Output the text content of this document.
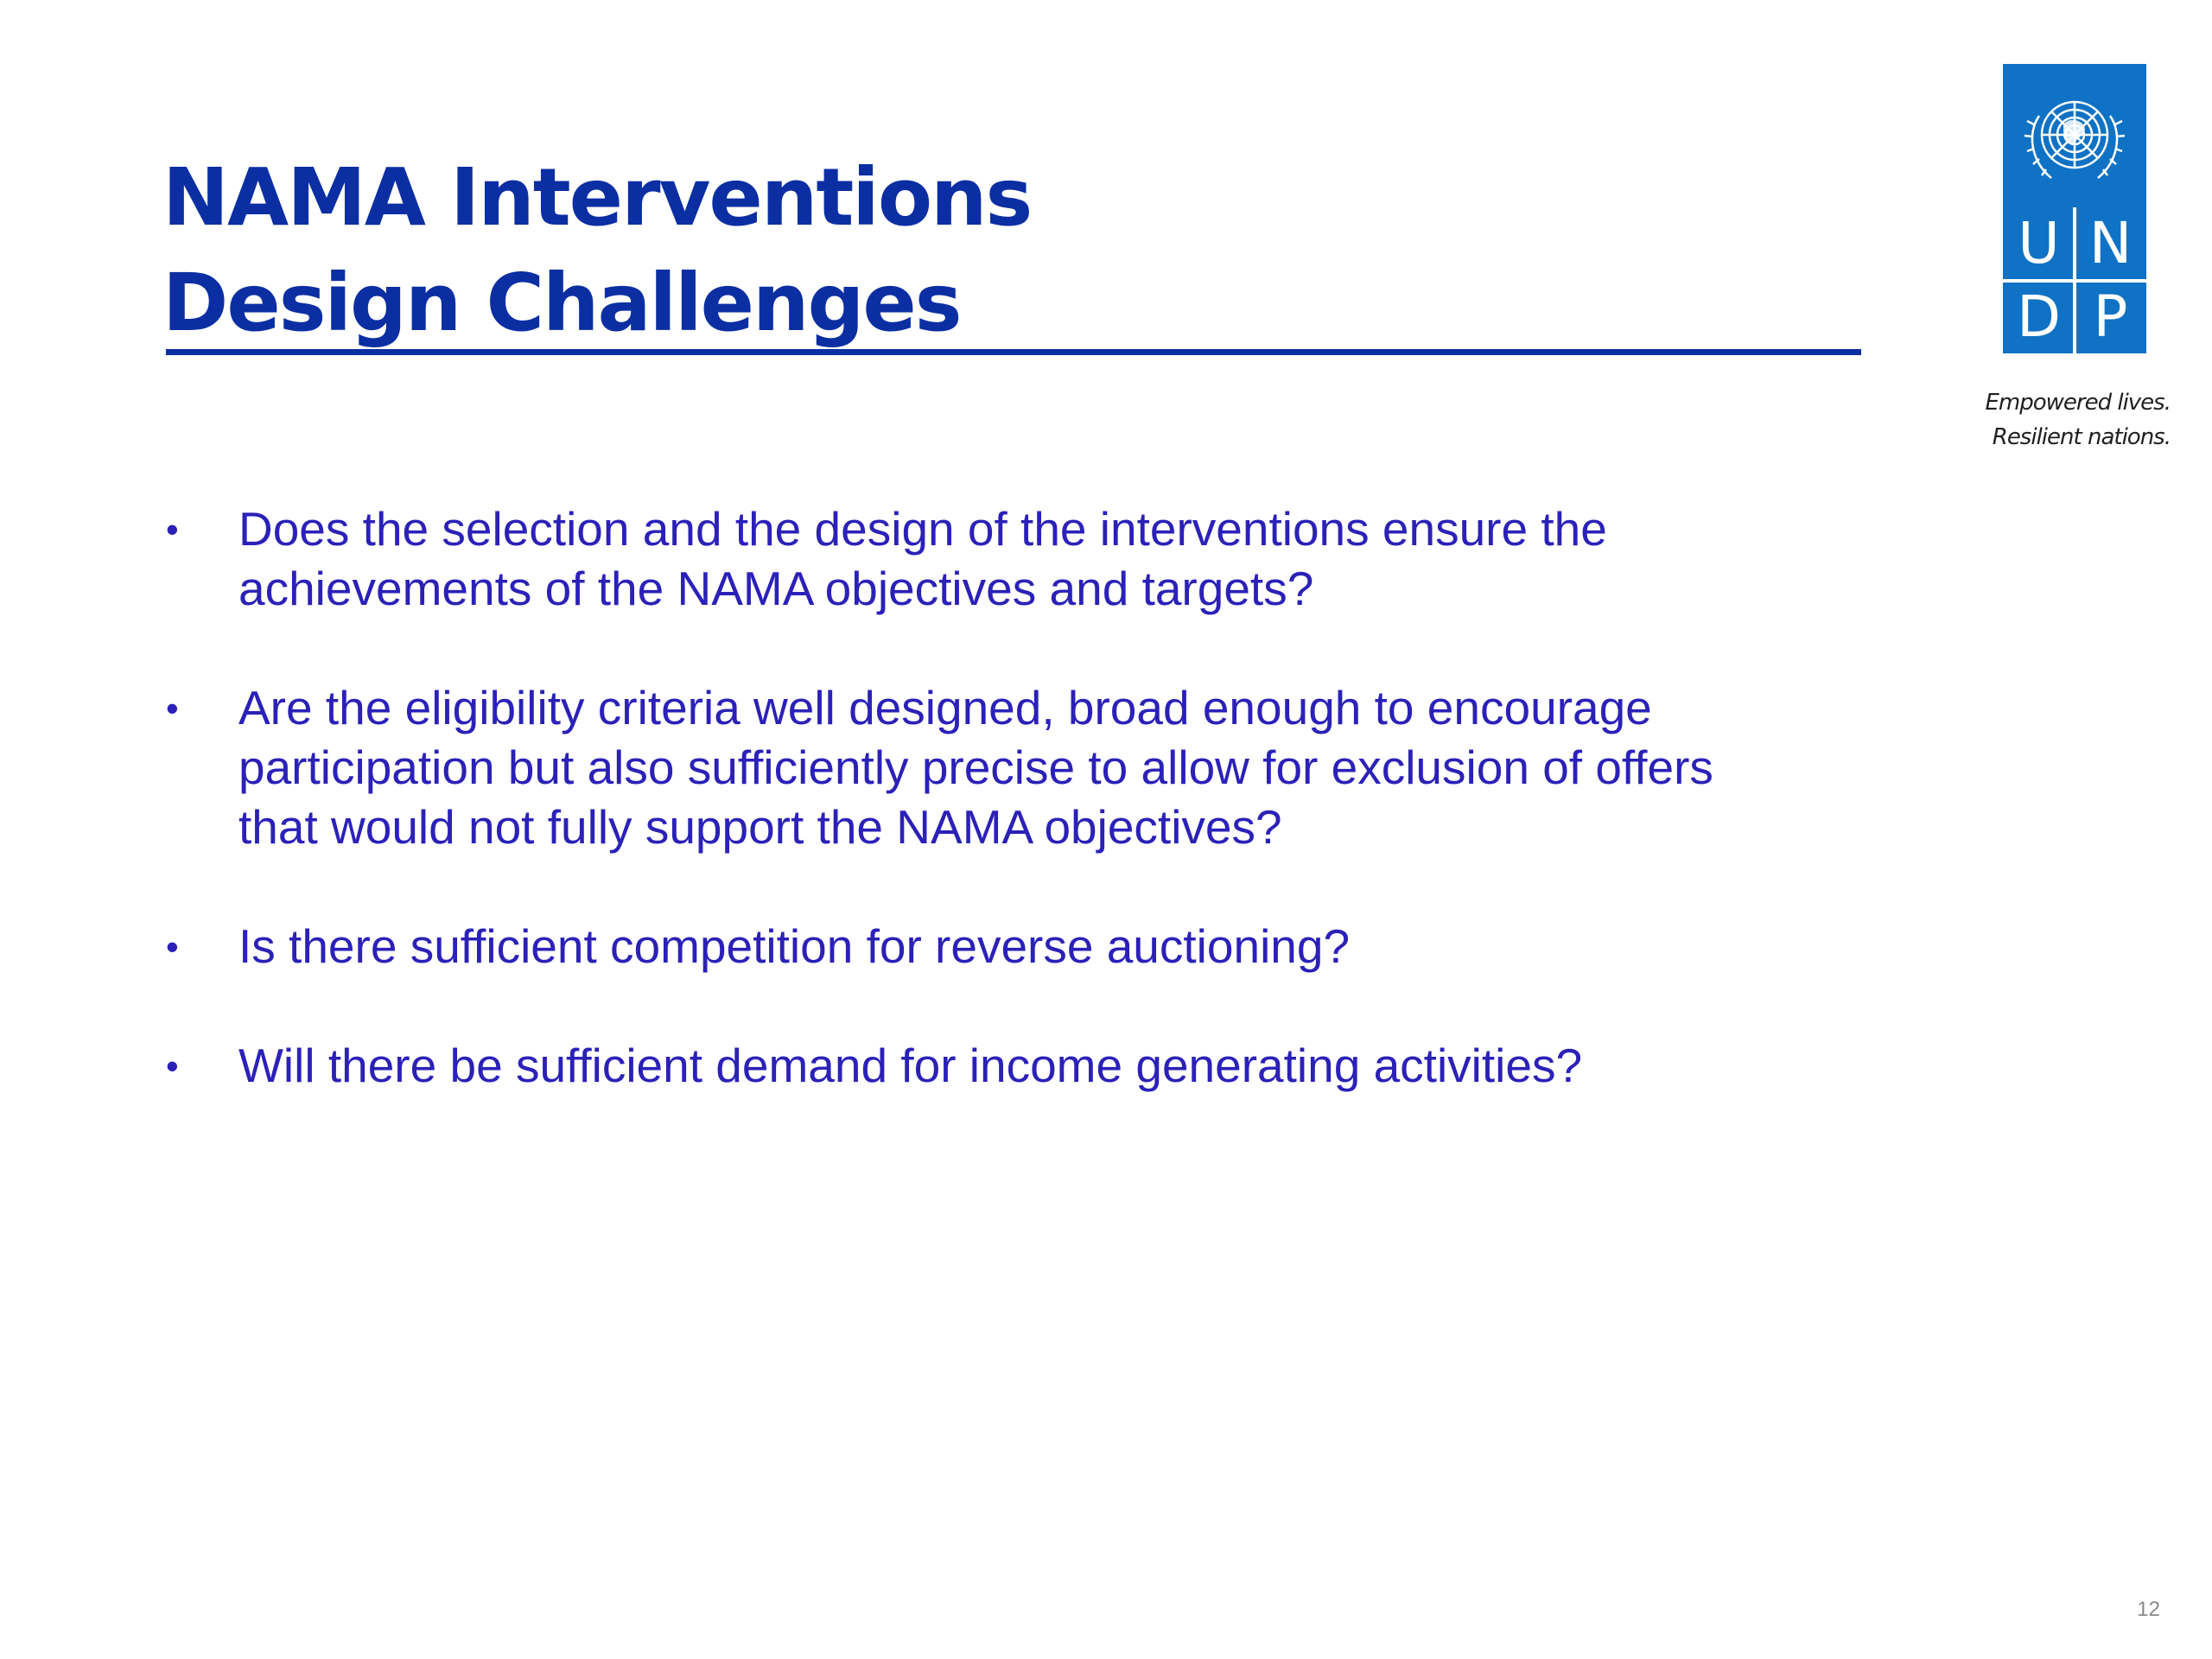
NAMA Interventions
Design Challenges
U N
D P
Empowered lives.
Resilient nations.
• Does the selection and the design of the interventions ensure the
achievements of the NAMA objectives and targets?
• Are the eligibility criteria well designed, broad enough to encourage
participation but also sufficiently precise to allow for exclusion of offers
that would not fully support the NAMA objectives?
• Is there sufficient competition for reverse auctioning?
• Will there be sufficient demand for income generating activities?
12
